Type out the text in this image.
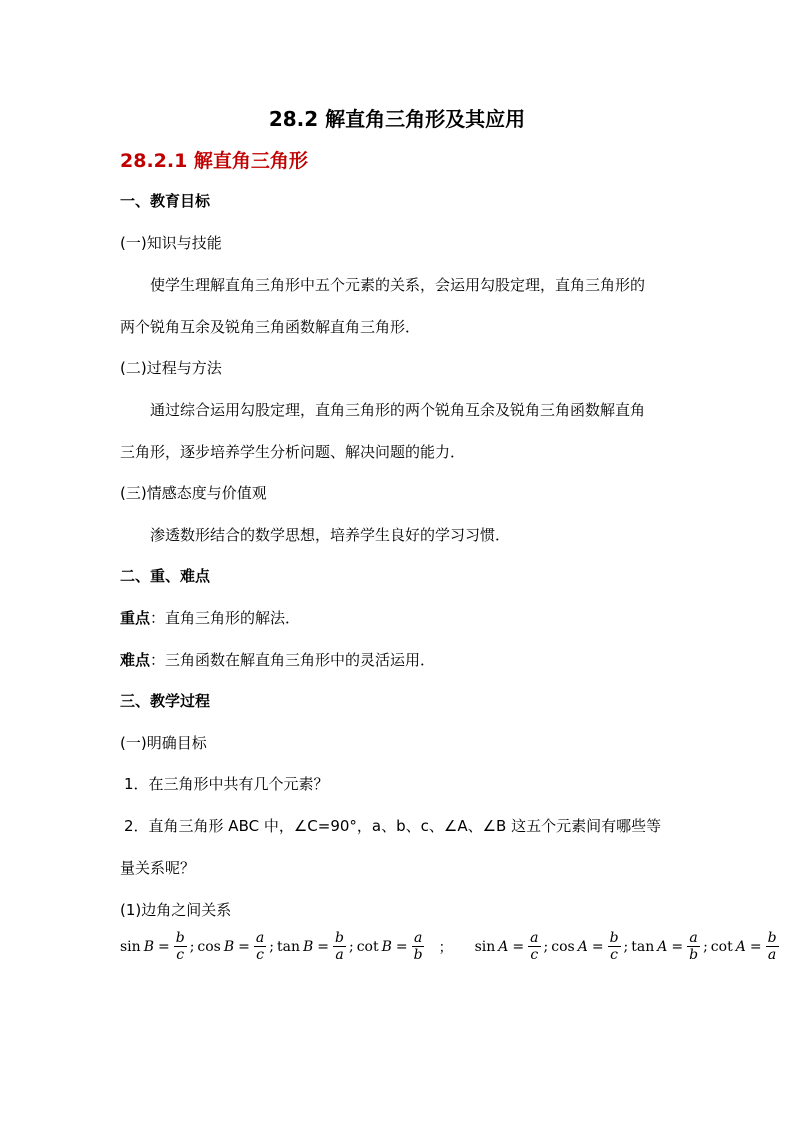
28.2 解直角三角形及其应用
28.2.1 解直角三角形
一、教育目标
(一)知识与技能
使学生理解直角三角形中五个元素的关系，会运用勾股定理，直角三角形的
两个锐角互余及锐角三角函数解直角三角形．
(二)过程与方法
通过综合运用勾股定理，直角三角形的两个锐角互余及锐角三角函数解直角
三角形，逐步培养学生分析问题、解决问题的能力．
(三)情感态度与价值观
渗透数形结合的数学思想，培养学生良好的学习习惯．
二、重、难点
重点：直角三角形的解法．
难点：三角函数在解直角三角形中的灵活运用．
三、教学过程
(一)明确目标
1．在三角形中共有几个元素？
2．直角三角形 ABC 中，∠C=90°，a、b、c、∠A、∠B 这五个元素间有哪些等
量关系呢？
(1)边角之间关系
$\sin B = \frac{b}{c}$ ; $\cos B = \frac{a}{c}$ ; $\tan B = \frac{b}{a}$ ; $\cot B = \frac{a}{b}$ ； $\sin A = \frac{a}{c}$ ; $\cos A = \frac{b}{c}$ ; $\tan A = \frac{a}{b}$ ; $\cot A = \frac{b}{a}$
